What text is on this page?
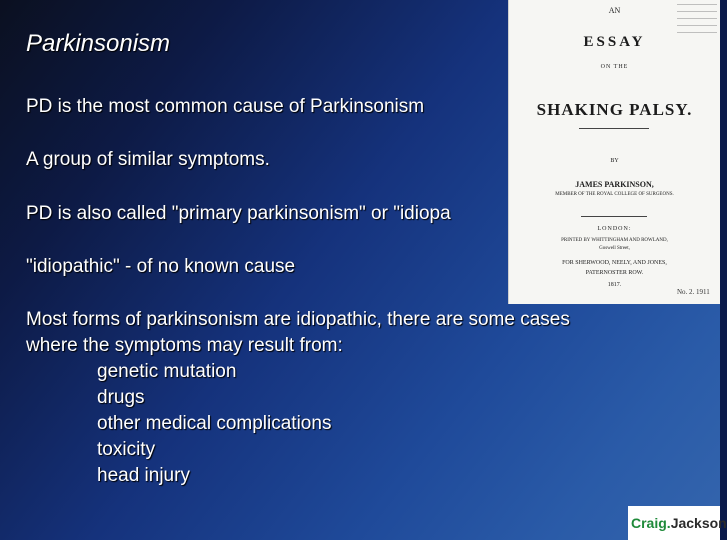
Parkinsonism
PD is the most common cause of Parkinsonism
A group of similar symptoms.
PD is also called "primary parkinsonism" or "idiopa
"idiopathic" - of no known cause
Most forms of parkinsonism are idiopathic, there are some cases
where the symptoms may result from:
genetic mutation
drugs
other medical complications
toxicity
head injury
AN
ESSAY
ON THE
SHAKING PALSY.
BY
JAMES PARKINSON,
MEMBER OF THE ROYAL COLLEGE OF SURGEONS.
LONDON:
PRINTED BY WHITTINGHAM AND ROWLAND,
Goswell Street,
FOR SHERWOOD, NEELY, AND JONES,
PATERNOSTER ROW.
1817.
No. 2. 1911
Craig.Jackson
